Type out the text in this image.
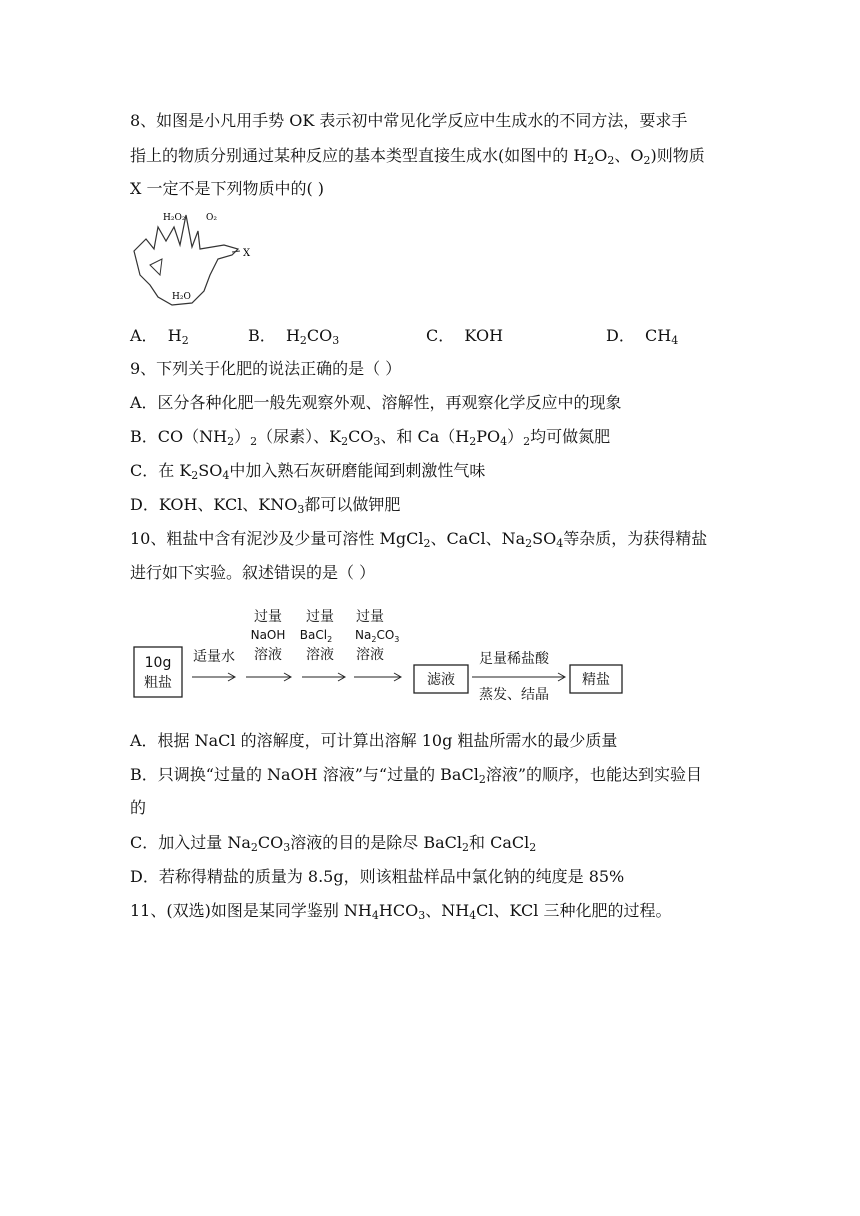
8、如图是小凡用手势 OK 表示初中常见化学反应中生成水的不同方法，要求手
指上的物质分别通过某种反应的基本类型直接生成水(如图中的 $H_2O_2$、$O_2$)则物质
X 一定不是下列物质中的( )
H₂O₂ O₂
X
H₂O
A． $H_2$	B． $H_2CO_3$	C． KOH	D． $CH_4$
9、下列关于化肥的说法正确的是（ ）
A．区分各种化肥一般先观察外观、溶解性，再观察化学反应中的现象
B．$CO(NH_2)_2$（尿素）、$K_2CO_3$、和 $Ca(H_2PO_4)_2$均可做氮肥
C．在 $K_2SO_4$中加入熟石灰研磨能闻到刺激性气味
D．KOH、KCl、$KNO_3$都可以做钾肥
10、粗盐中含有泥沙及少量可溶性 MgCl$_2$、CaCl、$Na_2SO_4$等杂质，为获得精盐
进行如下实验。叙述错误的是（ ）
10g
粗盐
适量水
过量
NaOH
溶液
过量
BaCl$_2$
溶液
过量
$Na_2CO_3$
溶液
滤液
足量稀盐酸
蒸发、结晶
精盐
A．根据 NaCl 的溶解度，可计算出溶解 10g 粗盐所需水的最少质量
B．只调换“过量的 NaOH 溶液”与“过量的 BaCl$_2$溶液”的顺序，也能达到实验目
的
C．加入过量 $Na_2CO_3$溶液的目的是除尽 BaCl$_2$和 CaCl$_2$
D．若称得精盐的质量为 8.5g，则该粗盐样品中氯化钠的纯度是 85%
11、(双选)如图是某同学鉴别 $NH_4HCO_3$、$NH_4Cl$、KCl 三种化肥的过程。
